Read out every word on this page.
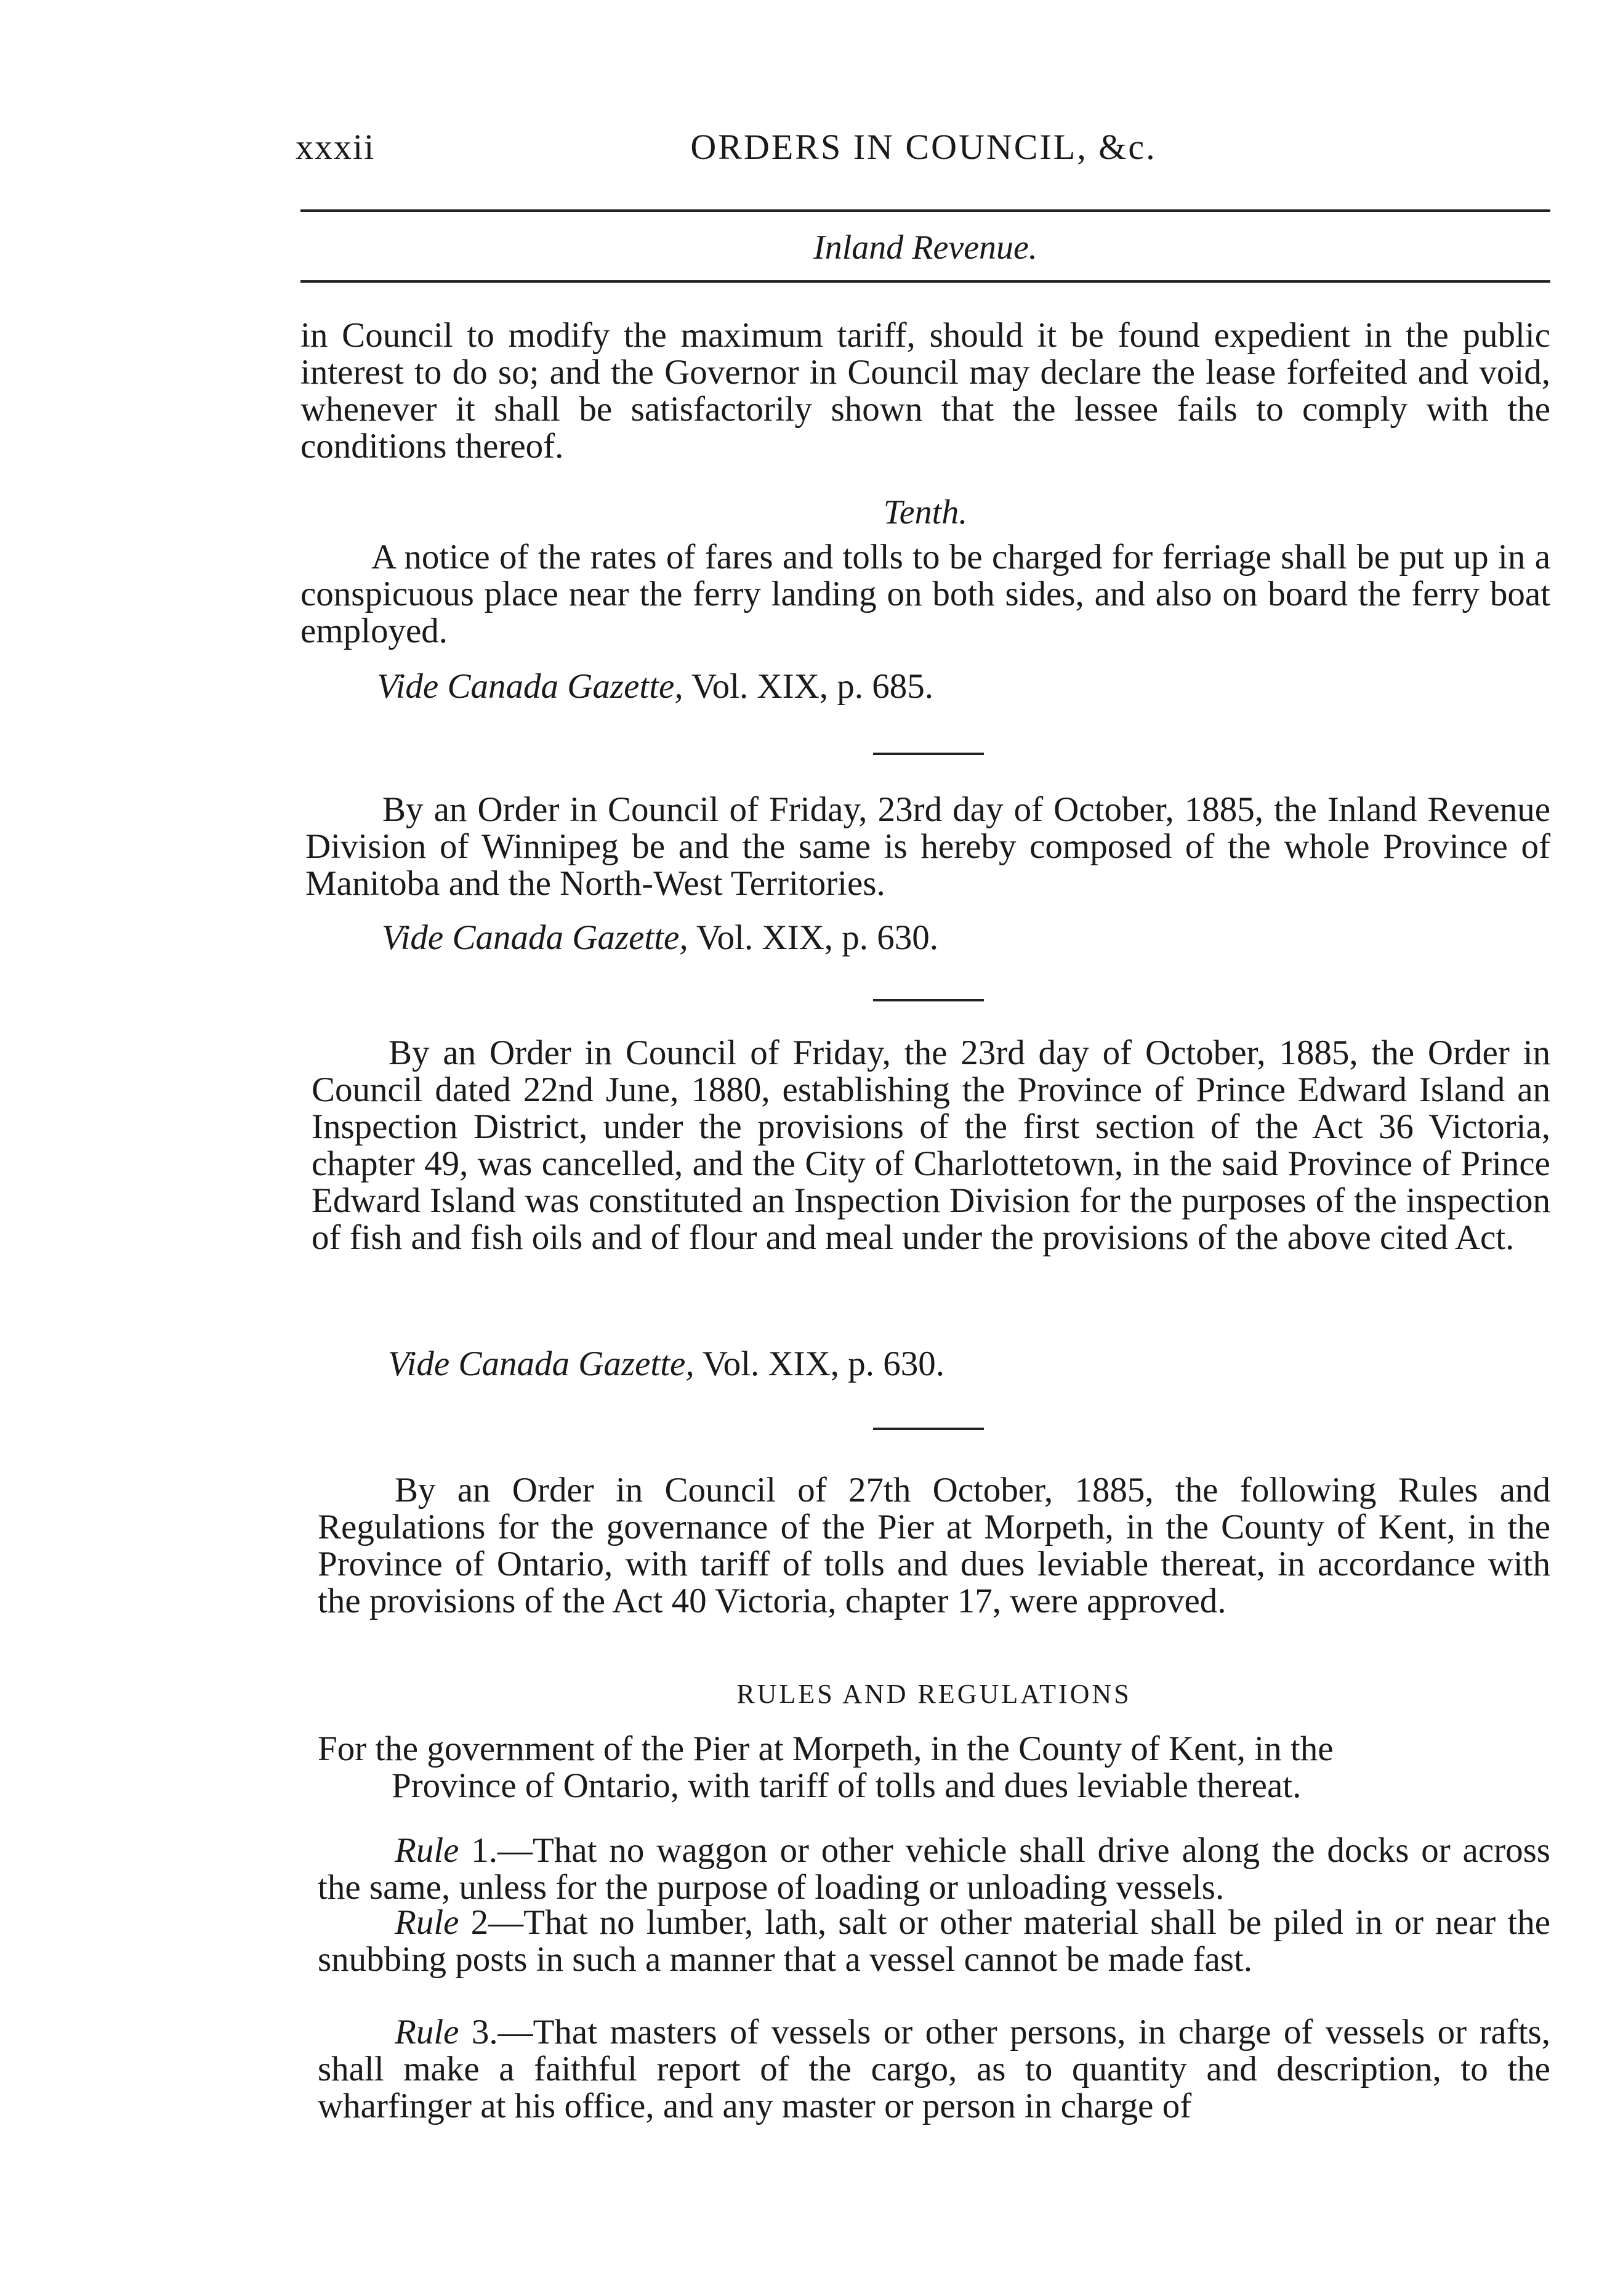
xxxii	ORDERS IN COUNCIL, &c.
Inland Revenue.

in Council to modify the maximum tariff, should it be found expedient in the public interest to do so; and the Governor in Council may declare the lease forfeited and void, whenever it shall be satisfactorily shown that the lessee fails to comply with the conditions thereof.

Tenth.

A notice of the rates of fares and tolls to be charged for ferriage shall be put up in a conspicuous place near the ferry landing on both sides, and also on board the ferry boat employed.

Vide Canada Gazette, Vol. XIX, p. 685.

By an Order in Council of Friday, 23rd day of October, 1885, the Inland Revenue Division of Winnipeg be and the same is hereby composed of the whole Province of Manitoba and the North-West Territories.

Vide Canada Gazette, Vol. XIX, p. 630.

By an Order in Council of Friday, the 23rd day of October, 1885, the Order in Council dated 22nd June, 1880, establishing the Province of Prince Edward Island an Inspection District, under the provisions of the first section of the Act 36 Victoria, chapter 49, was cancelled, and the City of Charlottetown, in the said Province of Prince Edward Island was constituted an Inspection Division for the purposes of the inspection of fish and fish oils and of flour and meal under the provisions of the above cited Act.

Vide Canada Gazette, Vol. XIX, p. 630.

By an Order in Council of 27th October, 1885, the following Rules and Regulations for the governance of the Pier at Morpeth, in the County of Kent, in the Province of Ontario, with tariff of tolls and dues leviable thereat, in accordance with the provisions of the Act 40 Victoria, chapter 17, were approved.

RULES AND REGULATIONS

For the government of the Pier at Morpeth, in the County of Kent, in the

Province of Ontario, with tariff of tolls and dues leviable thereat.

Rule 1.—That no waggon or other vehicle shall drive along the docks or across the same, unless for the purpose of loading or unloading vessels.

Rule 2—That no lumber, lath, salt or other material shall be piled in or near the snubbing posts in such a manner that a vessel cannot be made fast.

Rule 3.—That masters of vessels or other persons, in charge of vessels or rafts, shall make a faithful report of the cargo, as to quantity and description, to the wharfinger at his office, and any master or person in charge of
